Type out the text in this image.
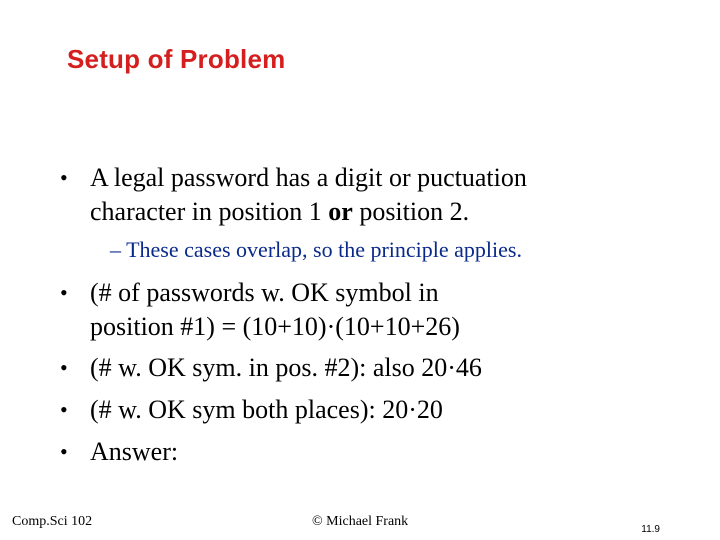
Setup of Problem
• A legal password has a digit or puctuation
character in position 1 or position 2.
– These cases overlap, so the principle applies.
• (# of passwords w. OK symbol in
position #1) = (10+10)·(10+10+26)
• (# w. OK sym. in pos. #2): also 20·46
• (# w. OK sym both places): 20·20
• Answer:
Comp.Sci 102	© Michael Frank
11.9
